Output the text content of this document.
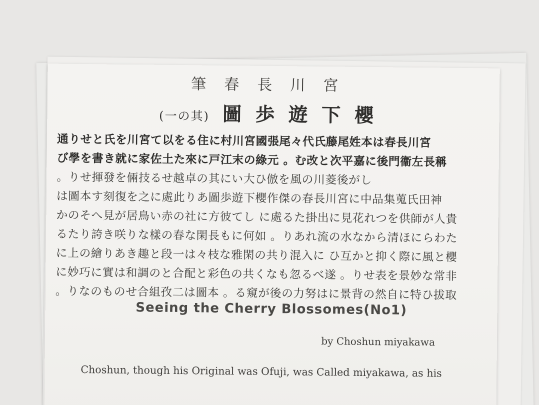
筆春長川宮
(一の其) 圖歩遊下櫻
通りせと氏を川宮て以をる住に村川宮國張尾々代氏藤尾姓本は春長川宮
び學を書き就に家佐土た來に戸江末の綠元 。む改と次平嘉に後門衞左長稱
。りせ揮發を倆技るせ越卓の其にい大ひ倣を風の川菱後がし
は圖本す刻復を之に處此りあ圖歩遊下櫻作傑の春長川宮に中品集蒐氏田神
かのそへ見が居鳥い赤の社に方彼てし に處るた掛出に見花れつを供師が人貴
るたり誇き咲りな樣の春な閑長もに何如 。りあれ流の水なから清ほにらわた
に上の繪りあき趣と段一は々枝な雅閑の共り混入に ひ互かと抑く際に風と櫻
に妙巧に實は和調のと合配と彩色の共くなも忽るべ遂 。りせ表を景妙な常非
。りなのものせ合組孜二は圖本 。る窺が後の力努はに景背の然自に特ひ拔取
Seeing the Cherry Blossomes(No1)
by Choshun miyakawa
Choshun, though his Original was Ofuji, was Called miyakawa, as his
